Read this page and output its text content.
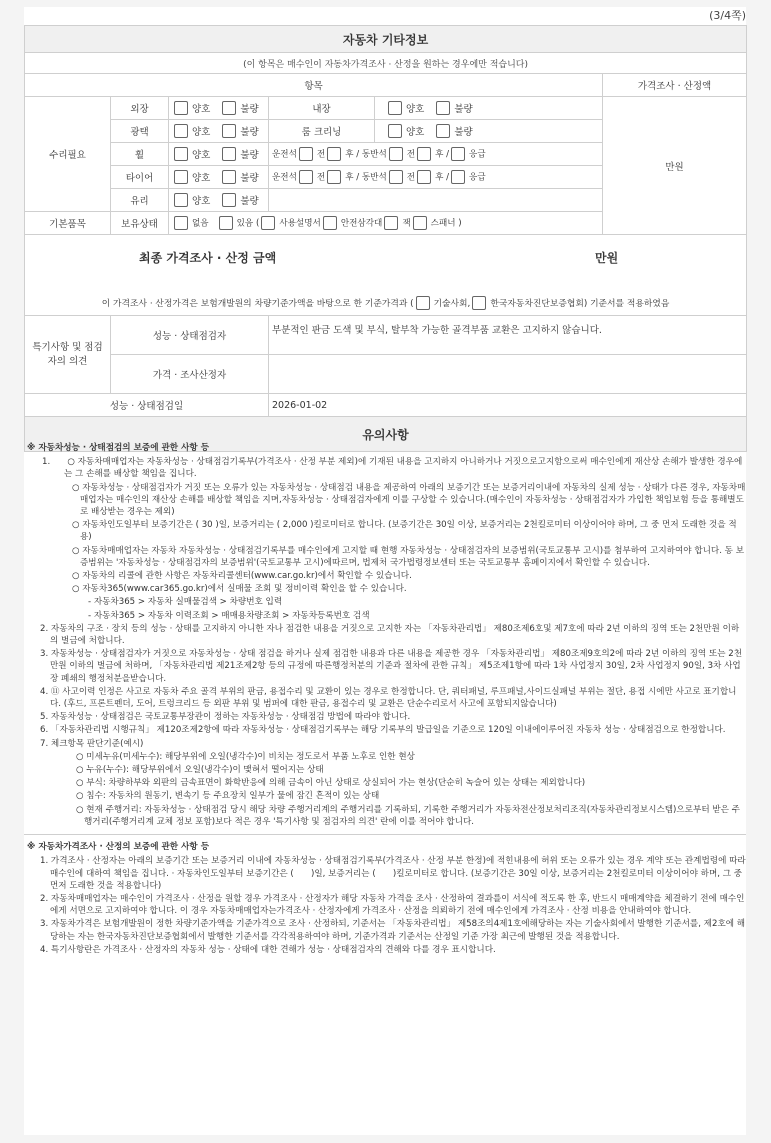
(3/4쪽)
자동차 기타정보					
(이 항목은 매수인이 자동차가격조사 · 산정을 원하는 경우에만 적습니다)					
항목					가격조사 · 산정액
수리필요	외장	양호 불량	내장	양호 불량	만원
	광택	양호 불량	룸 크리닝	양호 불량	
	휠	양호 불량	운전석 전 후 / 동반석 전 후 / 응급		
	타이어	양호 불량	운전석 전 후 / 동반석 전 후 / 응급		
	유리	양호 불량			
기본품목	보유상태	없음 있음 ( 사용설명서 안전삼각대 잭 스패너 )			

최종 가격조사 · 산정 금액 만원					

이 가격조사 · 산정가격은 보험개발원의 차량기준가액을 바탕으로 한 기준가격과 ( 기술사회, 한국자동차진단보증협회) 기준서를 적용하였음					
특기사항 및 점검자의 의견	성능 · 상태점검자		부분적인 판금 도색 및 부식, 탈부착 가능한 골격부품 교환은 고지하지 않습니다.		
	가격 · 조사산정자				
성능 · 상태점검일			2026-01-02		
유의사항					
※ 자동차성능 · 상태점검의 보증에 관한 사항 등
1.　　○ 자동차매매업자는 자동차성능 · 상태점검기록부(가격조사 · 산정 부분 제외)에 기재된 내용을 고지하지 아니하거나 거짓으로고지함으로써 매수인에게 재산상 손해가 발생한 경우에는 그 손해를 배상할 책임을 집니다.
○ 자동차성능 · 상태점검자가 거짓 또는 오류가 있는 자동차성능 · 상태점검 내용을 제공하여 아래의 보증기간 또는 보증거리이내에 자동차의 실제 성능 · 상태가 다른 경우, 자동차매매업자는 매수인의 재산상 손해를 배상할 책임을 지며,자동차성능 · 상태점검자에게 이를 구상할 수 있습니다.(매수인이 자동차성능 · 상태점검자가 가입한 책임보험 등을 통해별도로 배상받는 경우는 제외)
○ 자동차인도일부터 보증기간은 ( 30 )일, 보증거리는 ( 2,000 )킬로미터로 합니다. (보증기간은 30일 이상, 보증거리는 2천킬로미터 이상이어야 하며, 그 중 먼저 도래한 것을 적용)
○ 자동차매매업자는 자동차 자동차성능 · 상태점검기록부를 매수인에게 고지할 때 현행 자동차성능 · 상태점검자의 보증범위(국토교통부 고시)를 첨부하여 고지하여야 합니다. 동 보증범위는 '자동차성능 · 상태점검자의 보증범위'(국토교통부 고시)에따르며, 법제처 국가법령정보센터 또는 국토교통부 홈페이지에서 확인할 수 있습니다.
○ 자동차의 리콜에 관한 사항은 자동차리콜센터(www.car.go.kr)에서 확인할 수 있습니다.
○ 자동차365(www.car365.go.kr)에서 실매물 조회 및 정비이력 확인을 할 수 있습니다.
- 자동차365 > 자동차 실매물검색 > 차량번호 입력
- 자동차365 > 자동차 이력조회 > 매매용차량조회 > 자동차등록번호 검색
2. 자동차의 구조 · 장치 등의 성능 · 상태를 고지하지 아니한 자나 점검한 내용을 거짓으로 고지한 자는 「자동차관리법」 제80조제6호및 제7호에 따라 2년 이하의 징역 또는 2천만원 이하의 벌금에 처합니다.
3. 자동차성능 · 상태점검자가 거짓으로 자동차성능 · 상태 점검을 하거나 실제 점검한 내용과 다른 내용을 제공한 경우 「자동차관리법」 제80조제9호의2에 따라 2년 이하의 징역 또는 2천만원 이하의 벌금에 처하며, 「자동차관리법 제21조제2항 등의 규정에 따른행정처분의 기준과 절차에 관한 규칙」 제5조제1항에 따라 1차 사업정지 30일, 2차 사업정지 90일, 3차 사업장 폐쇄의 행정처분을받습니다.
4. ⑪ 사고이력 인정은 사고로 자동차 주요 골격 부위의 판금, 용접수리 및 교환이 있는 경우로 한정합니다. 단, 쿼터패널, 루프패널,사이드실패널 부위는 절단, 용접 시에만 사고로 표기합니다. (후드, 프론트펜더, 도어, 트렁크리드 등 외판 부위 및 범퍼에 대한 판금, 용접수리 및 교환은 단순수리로서 사고에 포함되지않습니다)
5. 자동차성능 · 상태점검은 국토교통부장관이 정하는 자동차성능 · 상태점검 방법에 따라야 합니다.
6. 「자동차관리법 시행규칙」 제120조제2항에 따라 자동차성능 · 상태점검기록부는 해당 기록부의 발급일을 기준으로 120일 이내에이루어진 자동차 성능 · 상태점검으로 한정합니다.
7. 체크항목 판단기준(예시)
○ 미세누유(미세누수): 해당부위에 오일(냉각수)이 비치는 정도로서 부품 노후로 인한 현상
○ 누유(누수): 해당부위에서 오일(냉각수)이 맺혀서 떨어지는 상태
○ 부식: 차량하부와 외판의 금속표면이 화학반응에 의해 금속이 아닌 상태로 상실되어 가는 현상(단순히 녹슬어 있는 상태는 제외합니다)
○ 침수: 자동차의 원동기, 변속기 등 주요장치 일부가 물에 잠긴 흔적이 있는 상태
○ 현재 주행거리: 자동차성능 · 상태점검 당시 해당 차량 주행거리계의 주행거리를 기록하되, 기록한 주행거리가 자동차전산정보처리조직(자동차관리정보시스템)으로부터 받은 주행거리(주행거리계 교체 정보 포함)보다 적은 경우 '특기사항 및 점검자의 의견' 란에 이를 적어야 합니다.
※ 자동차가격조사 · 산정의 보증에 관한 사항 등
1. 가격조사 · 산정자는 아래의 보증기간 또는 보증거리 이내에 자동차성능 · 상태점검기록부(가격조사 · 산정 부분 한정)에 적힌내용에 허위 또는 오류가 있는 경우 계약 또는 관계법령에 따라 매수인에 대하여 책임을 집니다. · 자동차인도일부터 보증기간은 (　　)일, 보증거리는 (　　)킬로미터로 합니다. (보증기간은 30일 이상, 보증거리는 2천킬로미터 이상이어야 하며, 그 중 먼저 도래한 것을 적용합니다)
2. 자동차매매업자는 매수인이 가격조사 · 산정을 원할 경우 가격조사 · 산정자가 해당 자동차 가격을 조사 · 산정하여 결과를이 서식에 적도록 한 후, 반드시 매매계약을 체결하기 전에 매수인에게 서면으로 고지하여야 합니다. 이 경우 자동차매매업자는가격조사 · 산정자에게 가격조사 · 산정을 의뢰하기 전에 매수인에게 가격조사 · 산정 비용을 안내하여야 합니다.
3. 자동차가격은 보험개발원이 정한 차량기준가액을 기준가격으로 조사 · 산정하되, 기준서는 「자동차관리법」 제58조의4제1호에해당하는 자는 기술사회에서 발행한 기준서를, 제2호에 해당하는 자는 한국자동차진단보증협회에서 발행한 기준서를 각각적용하여야 하며, 기준가격과 기준서는 산정일 기준 가장 최근에 발행된 것을 적용합니다.
4. 특기사항란은 가격조사 · 산정자의 자동차 성능 · 상태에 대한 견해가 성능 · 상태점검자의 견해와 다를 경우 표시합니다.
